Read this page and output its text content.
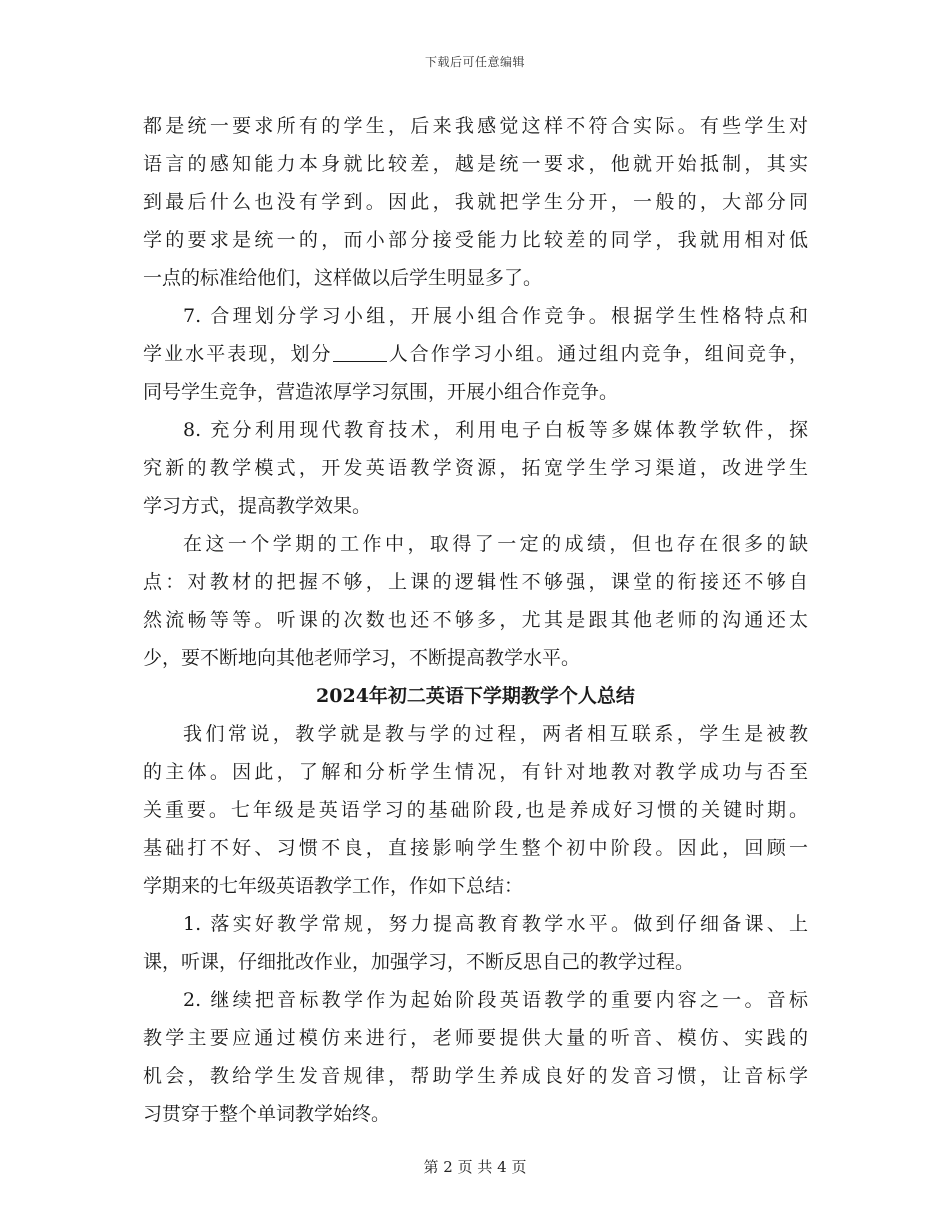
下载后可任意编辑
都是统一要求所有的学生，后来我感觉这样不符合实际。有些学生对
语言的感知能力本身就比较差，越是统一要求，他就开始抵制，其实
到最后什么也没有学到。因此，我就把学生分开，一般的，大部分同
学的要求是统一的，而小部分接受能力比较差的同学，我就用相对低
一点的标准给他们，这样做以后学生明显多了。
7. 合理划分学习小组，开展小组合作竞争。根据学生性格特点和
学业水平表现，划分	人合作学习小组。通过组内竞争，组间竞争，
同号学生竞争，营造浓厚学习氛围，开展小组合作竞争。
8. 充分利用现代教育技术，利用电子白板等多媒体教学软件，探
究新的教学模式，开发英语教学资源，拓宽学生学习渠道，改进学生
学习方式，提高教学效果。
在这一个学期的工作中，取得了一定的成绩，但也存在很多的缺
点：对教材的把握不够，上课的逻辑性不够强，课堂的衔接还不够自
然流畅等等。听课的次数也还不够多，尤其是跟其他老师的沟通还太
少，要不断地向其他老师学习，不断提高教学水平。
2024年初二英语下学期教学个人总结
我们常说，教学就是教与学的过程，两者相互联系，学生是被教
的主体。因此，了解和分析学生情况，有针对地教对教学成功与否至
关重要。七年级是英语学习的基础阶段,也是养成好习惯的关键时期。
基础打不好、习惯不良，直接影响学生整个初中阶段。因此，回顾一
学期来的七年级英语教学工作，作如下总结：
1. 落实好教学常规，努力提高教育教学水平。做到仔细备课、上
课，听课，仔细批改作业，加强学习，不断反思自己的教学过程。
2. 继续把音标教学作为起始阶段英语教学的重要内容之一。音标
教学主要应通过模仿来进行，老师要提供大量的听音、模仿、实践的
机会，教给学生发音规律，帮助学生养成良好的发音习惯，让音标学
习贯穿于整个单词教学始终。
第 2 页 共 4 页
